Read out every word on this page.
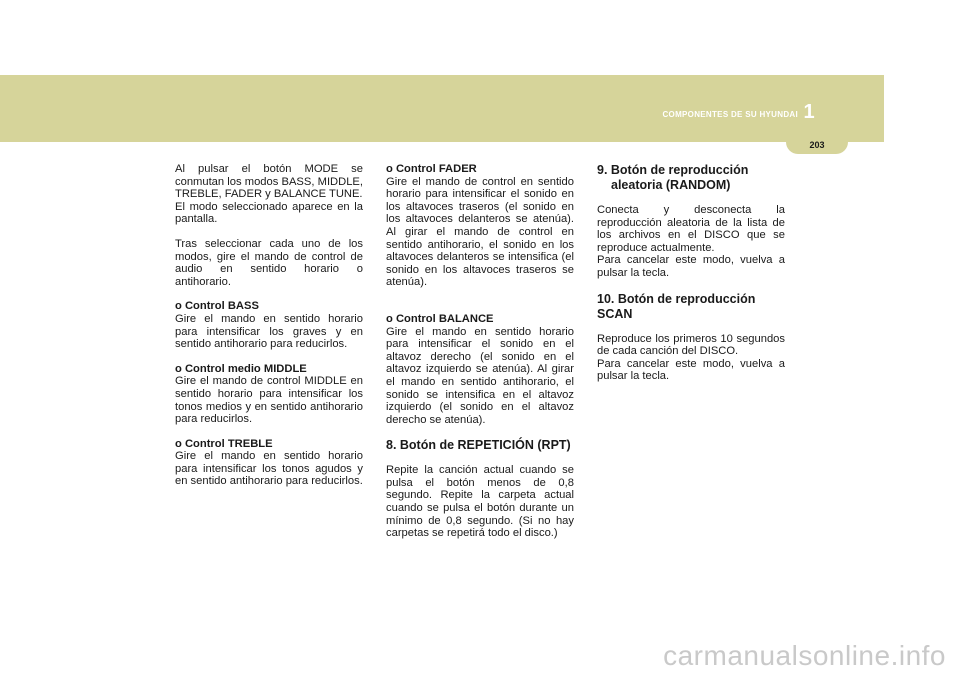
COMPONENTES DE SU HYUNDAI 1
203

Al pulsar el botón MODE se conmutan los modos BASS, MIDDLE, TREBLE, FADER y BALANCE TUNE.

El modo seleccionado aparece en la pantalla.

Tras seleccionar cada uno de los modos, gire el mando de control de audio en sentido horario o antihorario.

o Control BASS
Gire el mando en sentido horario para intensificar los graves y en sentido antihorario para reducirlos.

o Control medio MIDDLE
Gire el mando de control MIDDLE en sentido horario para intensificar los tonos medios y en sentido antihorario para reducirlos.

o Control TREBLE
Gire el mando en sentido horario para intensificar los tonos agudos y en sentido antihorario para reducirlos.

o Control FADER
Gire el mando de control en sentido horario para intensificar el sonido en los altavoces traseros (el sonido en los altavoces delanteros se atenúa). Al girar el mando de control en sentido antihorario, el sonido en los altavoces delanteros se intensifica (el sonido en los altavoces traseros se atenúa).

o Control BALANCE
Gire el mando en sentido horario para intensificar el sonido en el altavoz derecho (el sonido en el altavoz izquierdo se atenúa). Al girar el mando en sentido antihorario, el sonido se intensifica en el altavoz izquierdo (el sonido en el altavoz derecho se atenúa).

8. Botón de REPETICIÓN (RPT)

Repite la canción actual cuando se pulsa el botón menos de 0,8 segundo. Repite la carpeta actual cuando se pulsa el botón durante un mínimo de 0,8 segundo. (Si no hay carpetas se repetirá todo el disco.)

9. Botón de reproducción
aleatoria (RANDOM)

Conecta y desconecta la reproducción aleatoria de la lista de los archivos en el DISCO que se reproduce actualmente.

Para cancelar este modo, vuelva a pulsar la tecla.

10. Botón de reproducción SCAN

Reproduce los primeros 10 segundos de cada canción del DISCO.

Para cancelar este modo, vuelva a pulsar la tecla.

carmanualsonline.info
